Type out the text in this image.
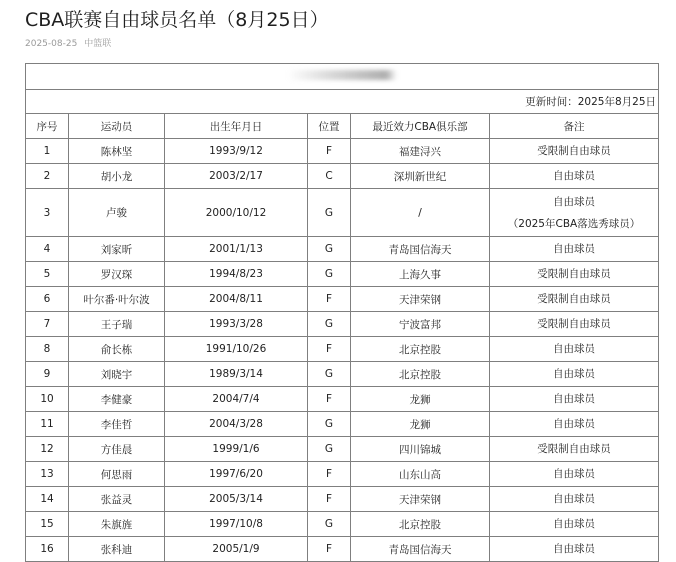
CBA联赛自由球员名单（8月25日）
2025-08-25 中篮联

更新时间：2025年8月25日					
序号	运动员	出生年月日	位置	最近效力CBA俱乐部	备注
1	陈林坚	1993/9/12	F	福建浔兴	受限制自由球员

2	胡小龙	2003/2/17	C	深圳新世纪	自由球员

3	卢骏	2000/10/12	G	/	自由球员
（2025年CBA落选秀球员）

4	刘家昕	2001/1/13	G	青岛国信海天	自由球员

5	罗汉琛	1994/8/23	G	上海久事	受限制自由球员

6	叶尔番·叶尔波	2004/8/11	F	天津荣钢	受限制自由球员

7	王子瑞	1993/3/28	G	宁波富邦	受限制自由球员

8	俞长栋	1991/10/26	F	北京控股	自由球员

9	刘晓宇	1989/3/14	G	北京控股	自由球员

10	李健豪	2004/7/4	F	龙狮	自由球员

11	李佳哲	2004/3/28	G	龙狮	自由球员

12	方佳晨	1999/1/6	G	四川锦城	受限制自由球员

13	何思雨	1997/6/20	F	山东山高	自由球员

14	张益灵	2005/3/14	F	天津荣钢	自由球员

15	朱旗旌	1997/10/8	G	北京控股	自由球员

16	张科迪	2005/1/9	F	青岛国信海天	自由球员
